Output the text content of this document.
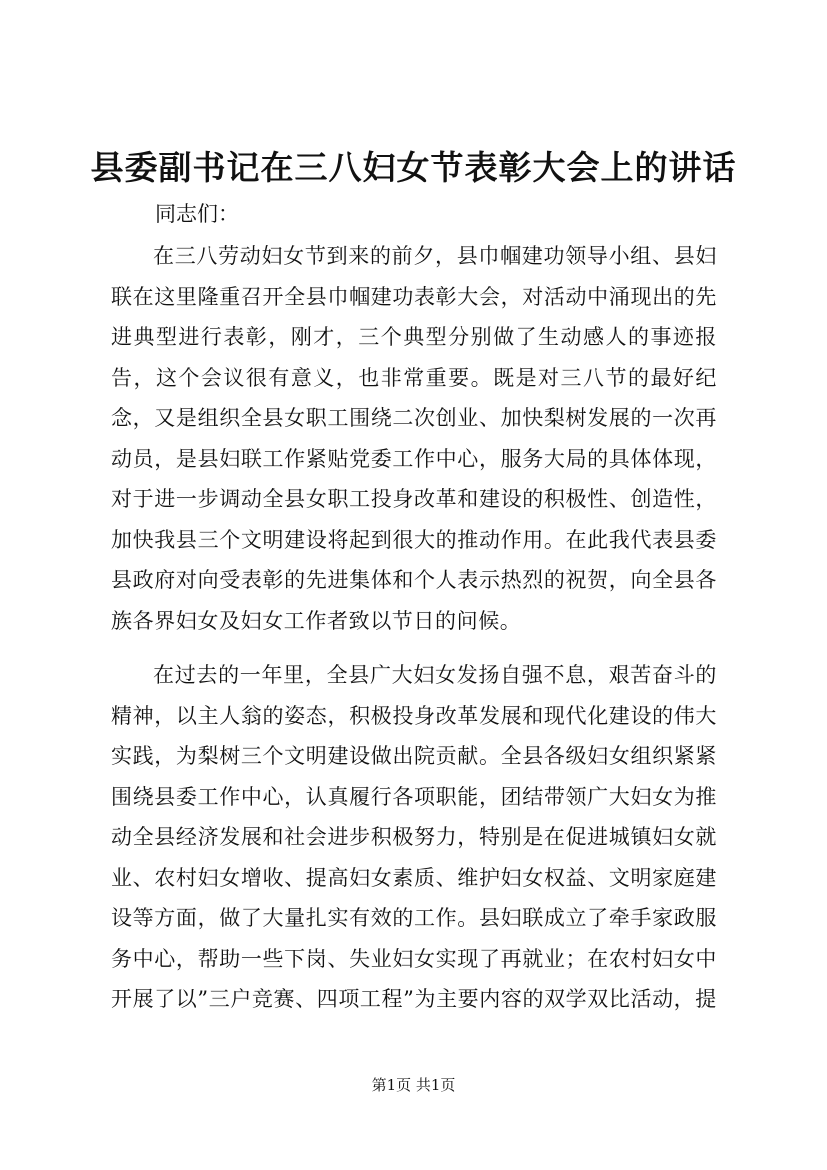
县委副书记在三八妇女节表彰大会上的讲话
同志们：
在三八劳动妇女节到来的前夕，县巾帼建功领导小组、县妇联在这里隆重召开全县巾帼建功表彰大会，对活动中涌现出的先进典型进行表彰，刚才，三个典型分别做了生动感人的事迹报告，这个会议很有意义，也非常重要。既是对三八节的最好纪念，又是组织全县女职工围绕二次创业、加快梨树发展的一次再动员，是县妇联工作紧贴党委工作中心，服务大局的具体体现，对于进一步调动全县女职工投身改革和建设的积极性、创造性，加快我县三个文明建设将起到很大的推动作用。在此我代表县委县政府对向受表彰的先进集体和个人表示热烈的祝贺，向全县各族各界妇女及妇女工作者致以节日的问候。
在过去的一年里，全县广大妇女发扬自强不息，艰苦奋斗的精神，以主人翁的姿态，积极投身改革发展和现代化建设的伟大实践，为梨树三个文明建设做出院贡献。全县各级妇女组织紧紧围绕县委工作中心，认真履行各项职能，团结带领广大妇女为推动全县经济发展和社会进步积极努力，特别是在促进城镇妇女就业、农村妇女增收、提高妇女素质、维护妇女权益、文明家庭建设等方面，做了大量扎实有效的工作。县妇联成立了牵手家政服务中心，帮助一些下岗、失业妇女实现了再就业；在农村妇女中开展了以”三户竞赛、四项工程”为主要内容的双学双比活动，提
第1页 共1页
